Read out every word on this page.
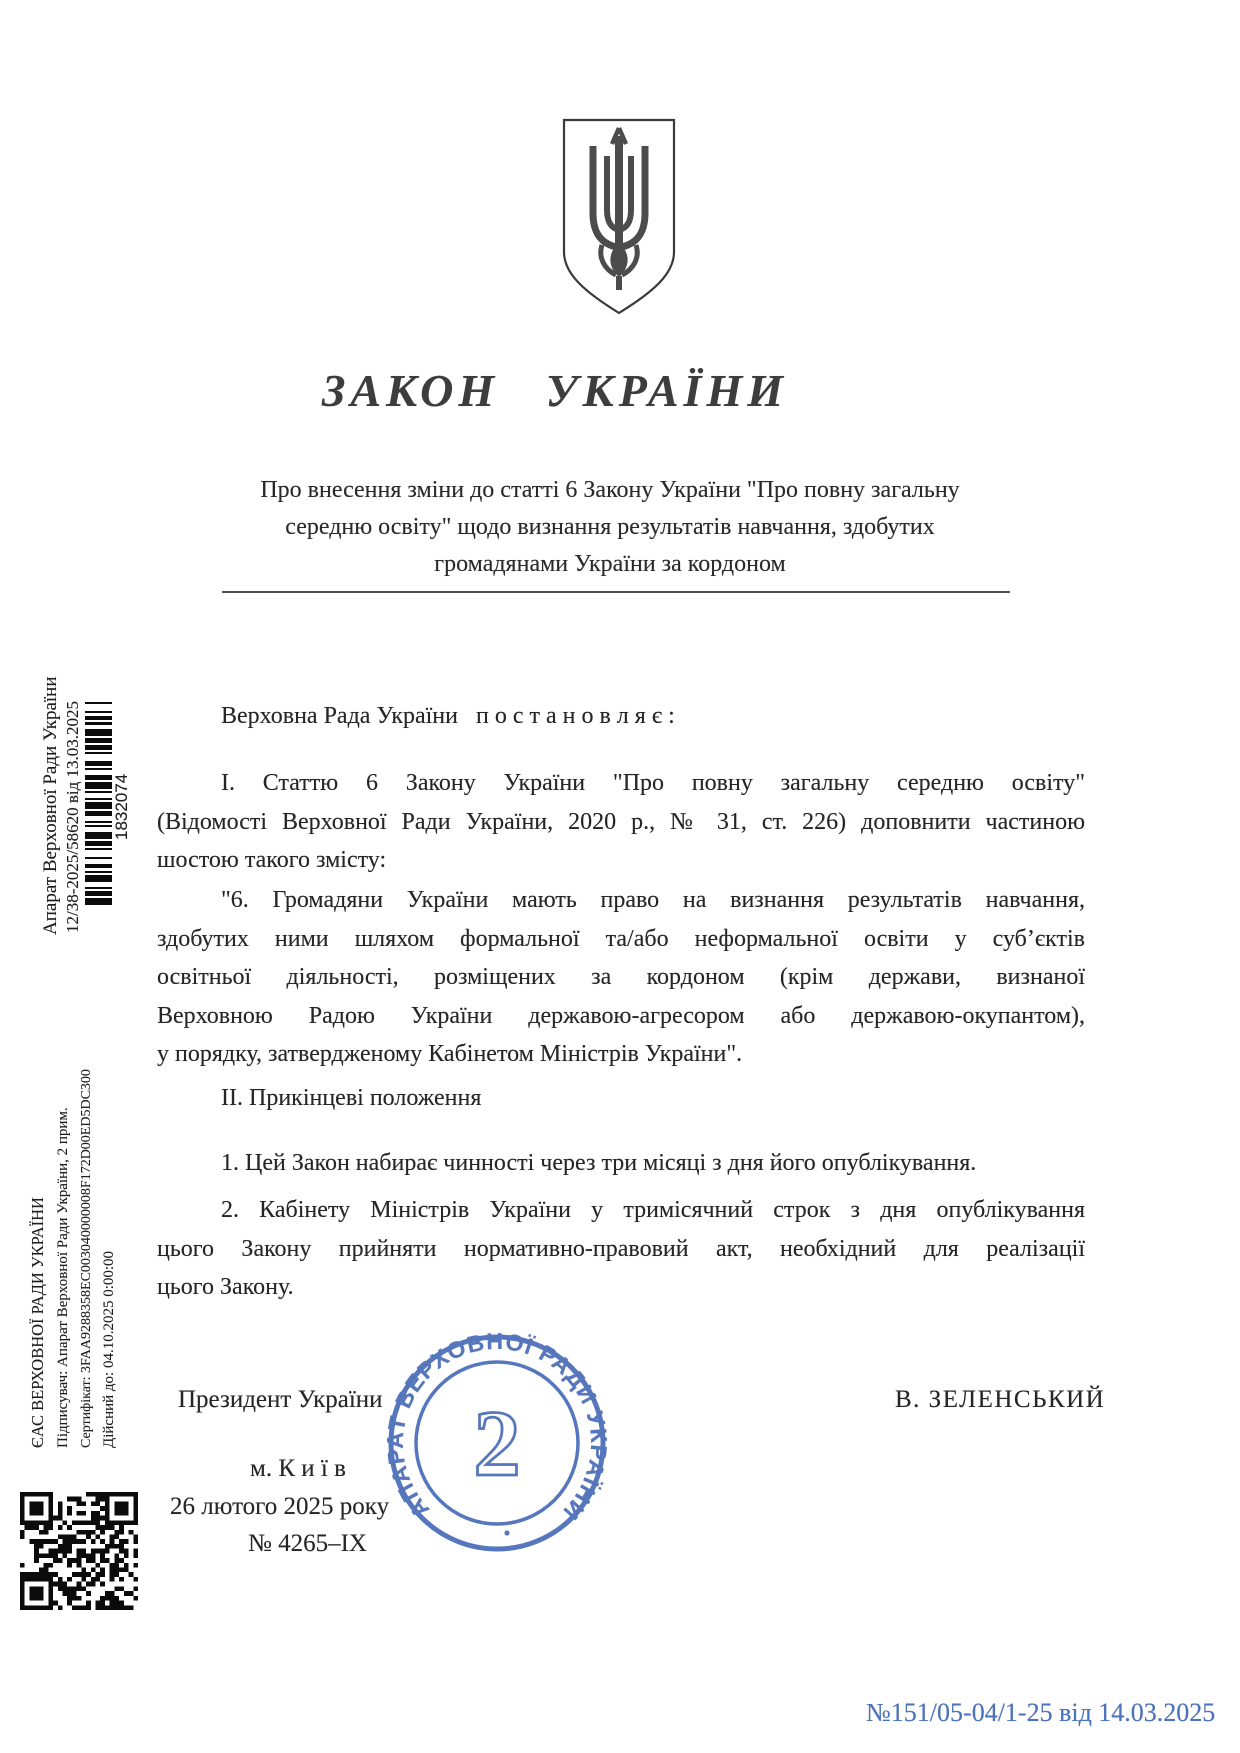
ЗАКОН УКРАЇНИ
Про внесення зміни до статті 6 Закону України "Про повну загальну
середню освіту" щодо визнання результатів навчання, здобутих
громадянами України за кордоном
Верховна Рада України   п о с т а н о в л я є :
І. Статтю 6 Закону України "Про повну загальну середню освіту"
(Відомості Верховної Ради України, 2020 р., № 31, ст. 226) доповнити частиною
шостою такого змісту:
"6. Громадяни України мають право на визнання результатів навчання,
здобутих ними шляхом формальної та/або неформальної освіти у суб’єктів
освітньої діяльності, розміщених за кордоном (крім держави, визнаної
Верховною Радою України державою-агресором або державою-окупантом),
у порядку, затвердженому Кабінетом Міністрів України".
ІІ. Прикінцеві положення
1. Цей Закон набирає чинності через три місяці з дня його опублікування.
2. Кабінету Міністрів України у тримісячний строк з дня опублікування
цього Закону прийняти нормативно-правовий акт, необхідний для реалізації
цього Закону.
Президент України	В. ЗЕЛЕНСЬКИЙ
м. К и ї в
26 лютого 2025 року
№ 4265–ІХ
АПАРАТ ВЕРХОВНОЇ РАДИ УКРАЇНИ
2
№151/05-04/1-25 від 14.03.2025
Апарат Верховної Ради України 12/38-2025/58620 від 13.03.2025 1832074
ЄАС ВЕРХОВНОЇ РАДИ УКРАЇНИ Підписувач: Апарат Верховної Ради України, 2 прим. Сертифікат: 3FAA9288358EC003040000008F172D00ED5DC300 Дійсний до: 04.10.2025 0:00:00
